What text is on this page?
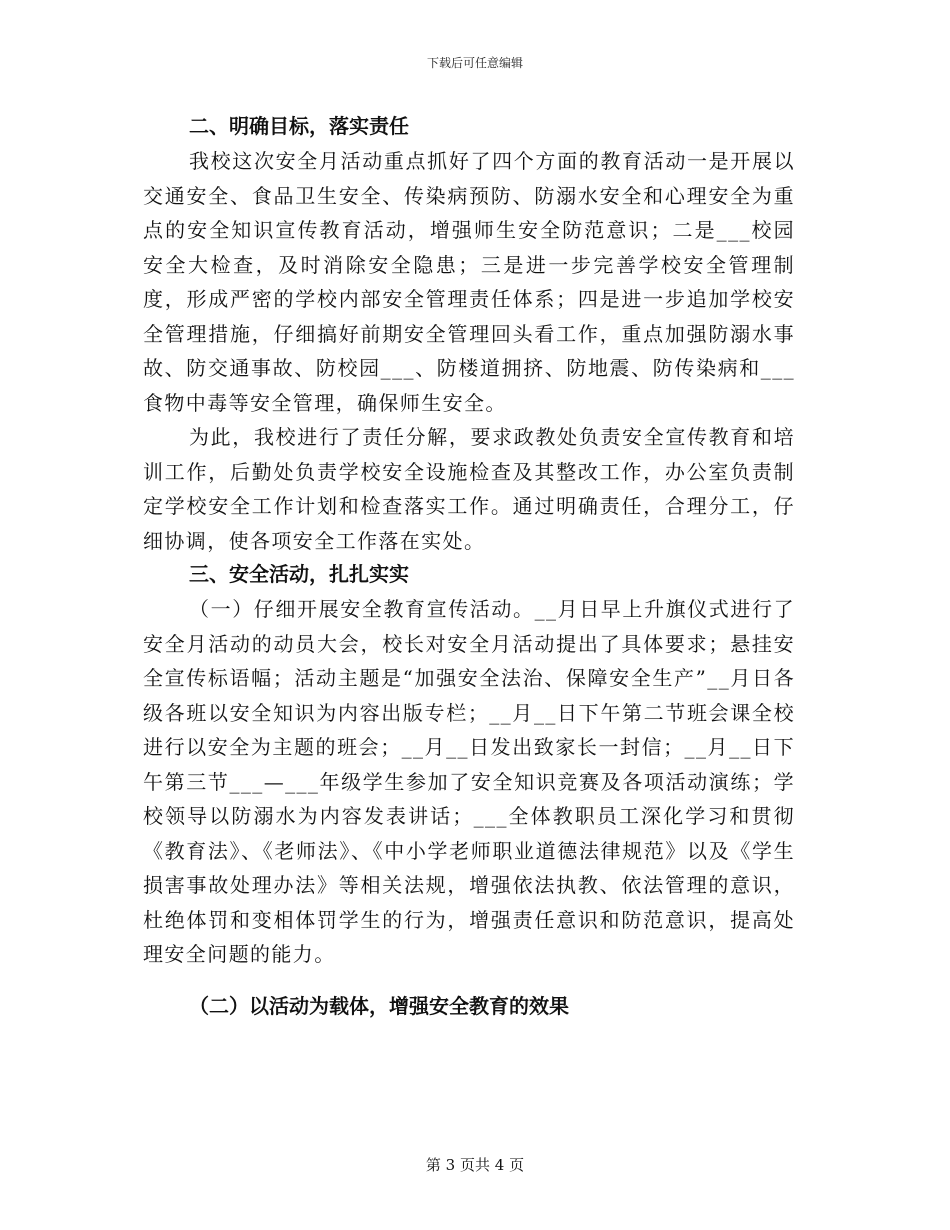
下载后可任意编辑
二、明确目标，落实责任

我校这次安全月活动重点抓好了四个方面的教育活动一是开展以交通安全、食品卫生安全、传染病预防、防溺水安全和心理安全为重点的安全知识宣传教育活动，增强师生安全防范意识；二是___校园安全大检查，及时消除安全隐患；三是进一步完善学校安全管理制度，形成严密的学校内部安全管理责任体系；四是进一步追加学校安全管理措施，仔细搞好前期安全管理回头看工作，重点加强防溺水事故、防交通事故、防校园___、防楼道拥挤、防地震、防传染病和___食物中毒等安全管理，确保师生安全。

为此，我校进行了责任分解，要求政教处负责安全宣传教育和培训工作，后勤处负责学校安全设施检查及其整改工作，办公室负责制定学校安全工作计划和检查落实工作。通过明确责任，合理分工，仔细协调，使各项安全工作落在实处。

三、安全活动，扎扎实实

（一）仔细开展安全教育宣传活动。__月日早上升旗仪式进行了安全月活动的动员大会，校长对安全月活动提出了具体要求；悬挂安全宣传标语幅；活动主题是“加强安全法治、保障安全生产”__月日各级各班以安全知识为内容出版专栏；__月__日下午第二节班会课全校进行以安全为主题的班会；__月__日发出致家长一封信；__月__日下午第三节___—___年级学生参加了安全知识竞赛及各项活动演练；学校领导以防溺水为内容发表讲话；___全体教职员工深化学习和贯彻《教育法》、《老师法》、《中小学老师职业道德法律规范》以及《学生损害事故处理办法》等相关法规，增强依法执教、依法管理的意识，杜绝体罚和变相体罚学生的行为，增强责任意识和防范意识，提高处理安全问题的能力。

（二）以活动为载体，增强安全教育的效果
第 3 页共 4 页
